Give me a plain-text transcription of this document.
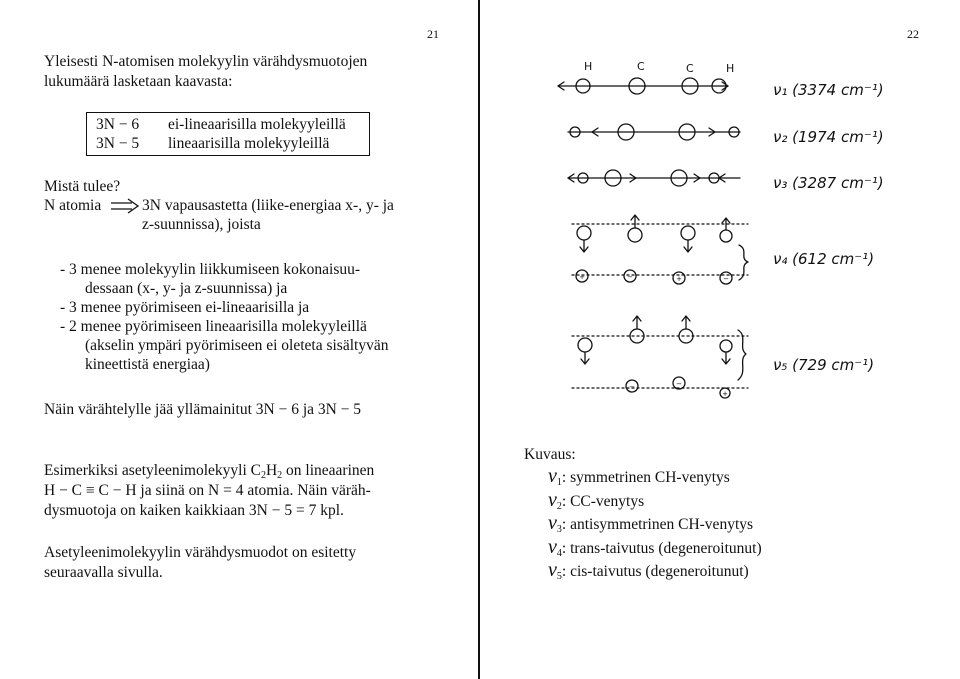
21
Yleisesti N-atomisen molekyylin värähdysmuotojen
lukumäärä lasketaan kaavasta:
3N − 6 ei-lineaarisilla molekyyleillä
3N − 5 lineaarisilla molekyyleillä
Mistä tulee?
N atomia	3N vapausastetta (liike-energiaa x-, y- ja
z-suunnissa), joista
- 3 menee molekyylin liikkumiseen kokonaisuu-
dessaan (x-, y- ja z-suunnissa) ja
- 3 menee pyörimiseen ei-lineaarisilla ja
- 2 menee pyörimiseen lineaarisilla molekyyleillä
(akselin ympäri pyörimiseen ei oleteta sisältyvän
kineettistä energiaa)
Näin värähtelylle jää yllämainitut 3N − 6 ja 3N − 5
Esimerkiksi asetyleenimolekyyli $C_2H_2$ on lineaarinen
H − C ≡ C − H ja siinä on N = 4 atomia. Näin väräh-
dysmuotoja on kaiken kaikkiaan 3N − 5 = 7 kpl.
Asetyleenimolekyylin värähdysmuodot on esitetty
seuraavalla sivulla.
22
+	−	+	−
−	−
+
H	C	C	H
ν₁ (3374 cm⁻¹)
ν₂ (1974 cm⁻¹)
ν₃ (3287 cm⁻¹)
ν₄ (612 cm⁻¹)
ν₅ (729 cm⁻¹)
Kuvaus:
$\nu_1$: symmetrinen CH-venytys
$\nu_2$: CC-venytys
$\nu_3$: antisymmetrinen CH-venytys
$\nu_4$: trans-taivutus (degeneroitunut)
$\nu_5$: cis-taivutus (degeneroitunut)
